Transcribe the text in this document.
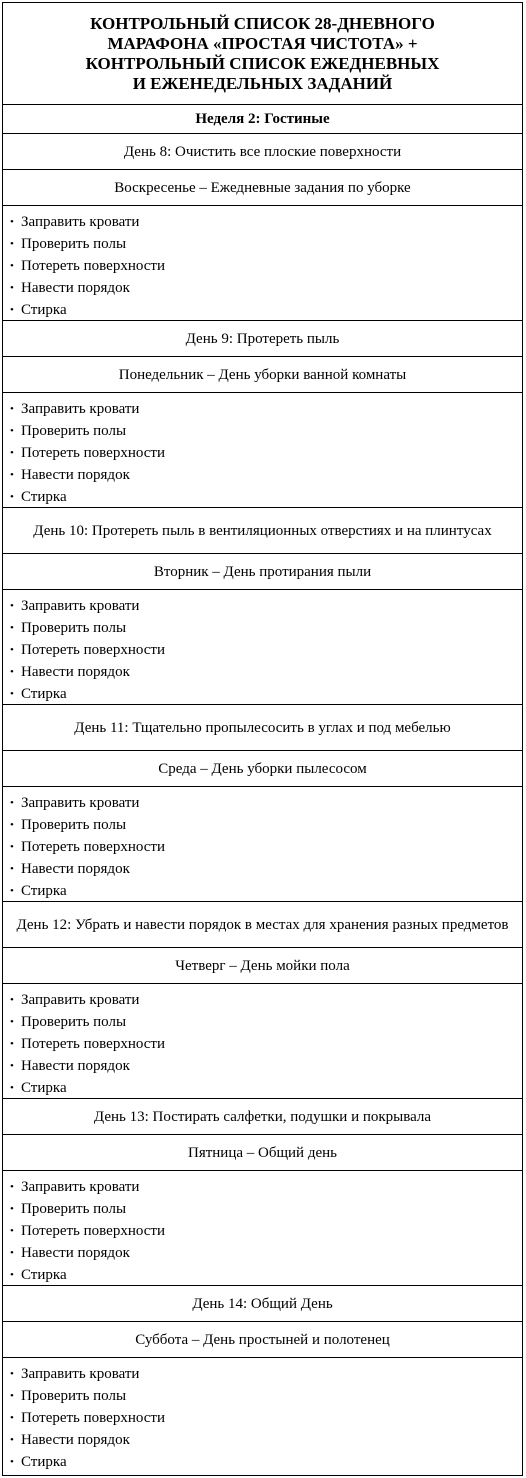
КОНТРОЛЬНЫЙ СПИСОК 28-ДНЕВНОГО
МАРАФОНА «ПРОСТАЯ ЧИСТОТА» +
КОНТРОЛЬНЫЙ СПИСОК ЕЖЕДНЕВНЫХ
И ЕЖЕНЕДЕЛЬНЫХ ЗАДАНИЙ
Неделя 2: Гостиные
День 8: Очистить все плоские поверхности
Воскресенье – Ежедневные задания по уборке
• Заправить кровати
• Проверить полы
• Потереть поверхности
• Навести порядок
• Стирка
День 9: Протереть пыль
Понедельник – День уборки ванной комнаты
• Заправить кровати
• Проверить полы
• Потереть поверхности
• Навести порядок
• Стирка
День 10: Протереть пыль в вентиляционных отверстиях и на плинтусах
Вторник – День протирания пыли
• Заправить кровати
• Проверить полы
• Потереть поверхности
• Навести порядок
• Стирка
День 11: Тщательно пропылесосить в углах и под мебелью
Среда – День уборки пылесосом
• Заправить кровати
• Проверить полы
• Потереть поверхности
• Навести порядок
• Стирка
День 12: Убрать и навести порядок в местах для хранения разных предметов
Четверг – День мойки пола
• Заправить кровати
• Проверить полы
• Потереть поверхности
• Навести порядок
• Стирка
День 13: Постирать салфетки, подушки и покрывала
Пятница – Общий день
• Заправить кровати
• Проверить полы
• Потереть поверхности
• Навести порядок
• Стирка
День 14: Общий День
Суббота – День простыней и полотенец
• Заправить кровати
• Проверить полы
• Потереть поверхности
• Навести порядок
• Стирка
